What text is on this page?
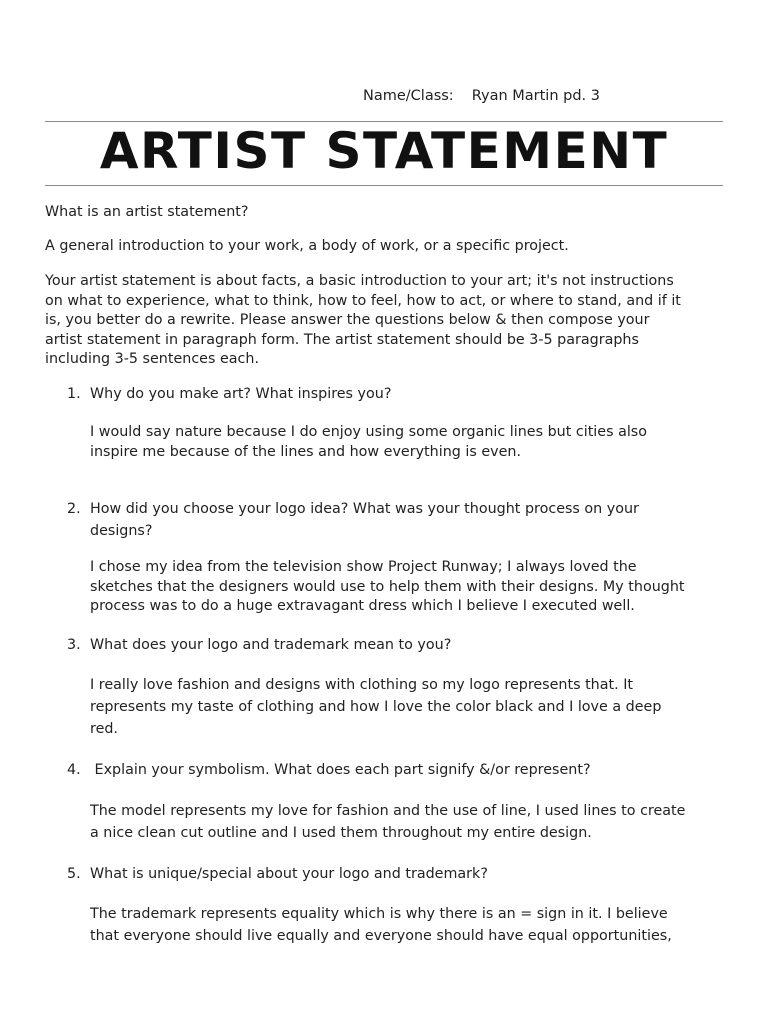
Name/Class: Ryan Martin pd. 3
ARTIST STATEMENT
What is an artist statement?
A general introduction to your work, a body of work, or a specific project.
Your artist statement is about facts, a basic introduction to your art; it's not instructions
on what to experience, what to think, how to feel, how to act, or where to stand, and if it
is, you better do a rewrite. Please answer the questions below & then compose your
artist statement in paragraph form. The artist statement should be 3-5 paragraphs
including 3-5 sentences each.
1. Why do you make art? What inspires you?
I would say nature because I do enjoy using some organic lines but cities also
inspire me because of the lines and how everything is even.
2. How did you choose your logo idea? What was your thought process on your
designs?
I chose my idea from the television show Project Runway; I always loved the
sketches that the designers would use to help them with their designs. My thought
process was to do a huge extravagant dress which I believe I executed well.
3. What does your logo and trademark mean to you?
I really love fashion and designs with clothing so my logo represents that. It
represents my taste of clothing and how I love the color black and I love a deep
red.
4. Explain your symbolism. What does each part signify &/or represent?
The model represents my love for fashion and the use of line, I used lines to create
a nice clean cut outline and I used them throughout my entire design.
5. What is unique/special about your logo and trademark?
The trademark represents equality which is why there is an = sign in it. I believe
that everyone should live equally and everyone should have equal opportunities,
